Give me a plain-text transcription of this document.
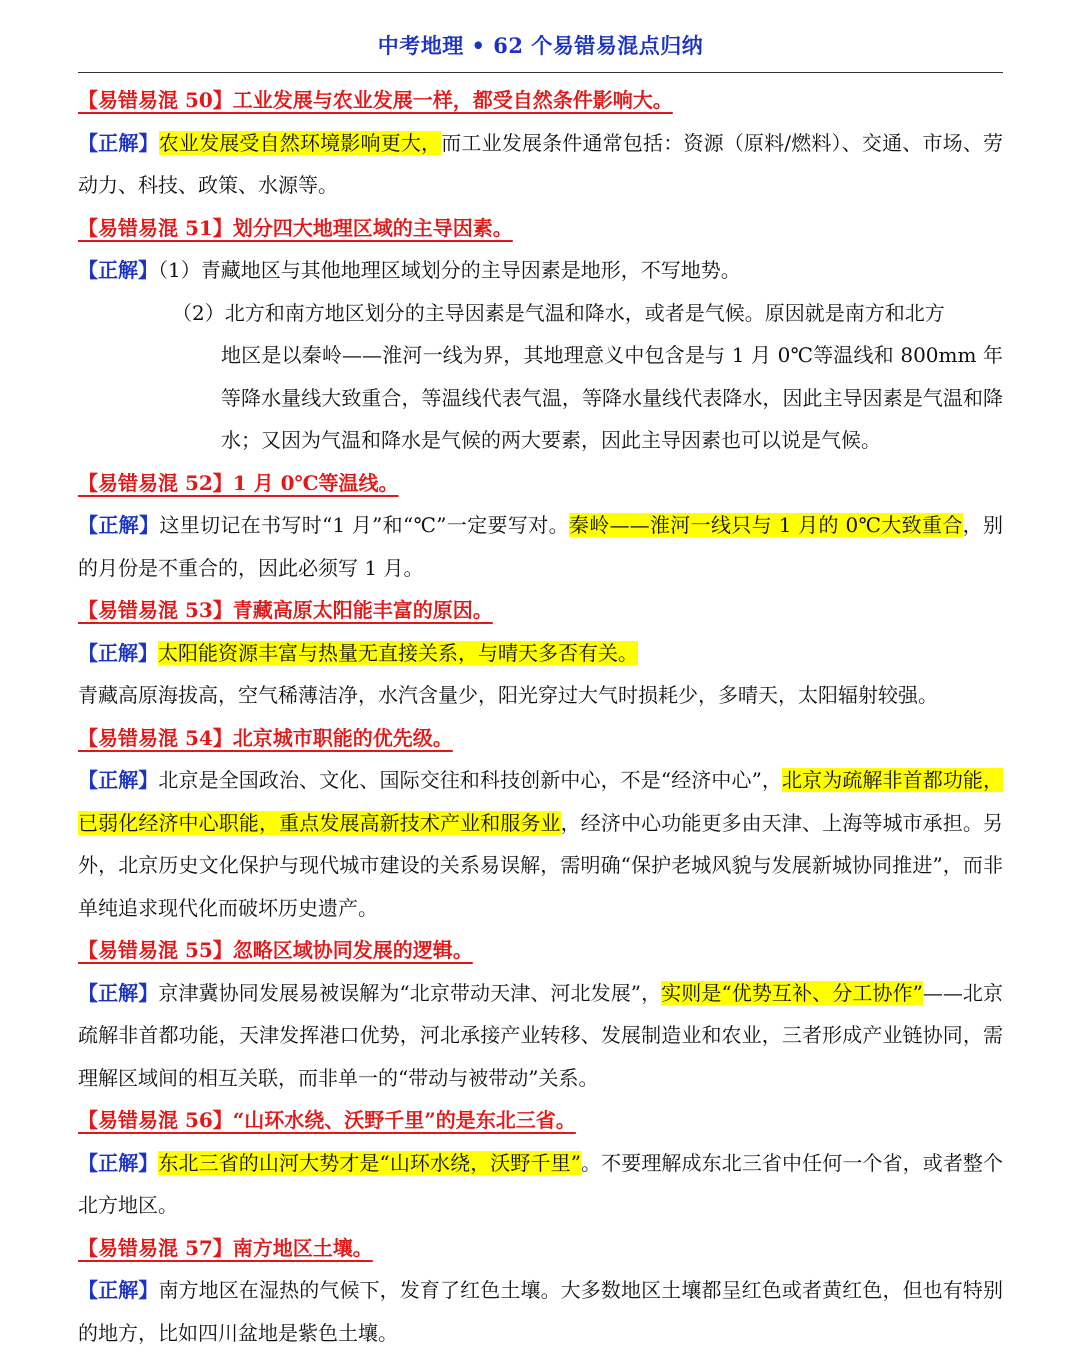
中考地理 • 62 个易错易混点归纳

【易错易混 50】工业发展与农业发展一样，都受自然条件影响大。

【正解】农业发展受自然环境影响更大，而工业发展条件通常包括：资源（原料/燃料）、交通、市场、劳动力、科技、政策、水源等。

【易错易混 51】划分四大地理区域的主导因素。

【正解】（1）青藏地区与其他地理区域划分的主导因素是地形，不写地势。

（2）北方和南方地区划分的主导因素是气温和降水，或者是气候。原因就是南方和北方

地区是以秦岭——淮河一线为界，其地理意义中包含是与 1 月 0℃等温线和 800mm 年等降水量线大致重合，等温线代表气温，等降水量线代表降水，因此主导因素是气温和降水；又因为气温和降水是气候的两大要素，因此主导因素也可以说是气候。

【易错易混 52】1 月 0℃等温线。

【正解】这里切记在书写时“1 月”和“℃”一定要写对。秦岭——淮河一线只与 1 月的 0℃大致重合，别的月份是不重合的，因此必须写 1 月。

【易错易混 53】青藏高原太阳能丰富的原因。

【正解】太阳能资源丰富与热量无直接关系，与晴天多否有关。

青藏高原海拔高，空气稀薄洁净，水汽含量少，阳光穿过大气时损耗少，多晴天，太阳辐射较强。

【易错易混 54】北京城市职能的优先级。

【正解】北京是全国政治、文化、国际交往和科技创新中心，不是“经济中心”，北京为疏解非首都功能，已弱化经济中心职能，重点发展高新技术产业和服务业，经济中心功能更多由天津、上海等城市承担。另外，北京历史文化保护与现代城市建设的关系易误解，需明确“保护老城风貌与发展新城协同推进”，而非单纯追求现代化而破坏历史遗产。

【易错易混 55】忽略区域协同发展的逻辑。

【正解】京津冀协同发展易被误解为“北京带动天津、河北发展”，实则是“优势互补、分工协作”——北京疏解非首都功能，天津发挥港口优势，河北承接产业转移、发展制造业和农业，三者形成产业链协同，需理解区域间的相互关联，而非单一的“带动与被带动”关系。

【易错易混 56】“山环水绕、沃野千里”的是东北三省。

【正解】东北三省的山河大势才是“山环水绕，沃野千里”。不要理解成东北三省中任何一个省，或者整个北方地区。

【易错易混 57】南方地区土壤。

【正解】南方地区在湿热的气候下，发育了红色土壤。大多数地区土壤都呈红色或者黄红色，但也有特别的地方，比如四川盆地是紫色土壤。
